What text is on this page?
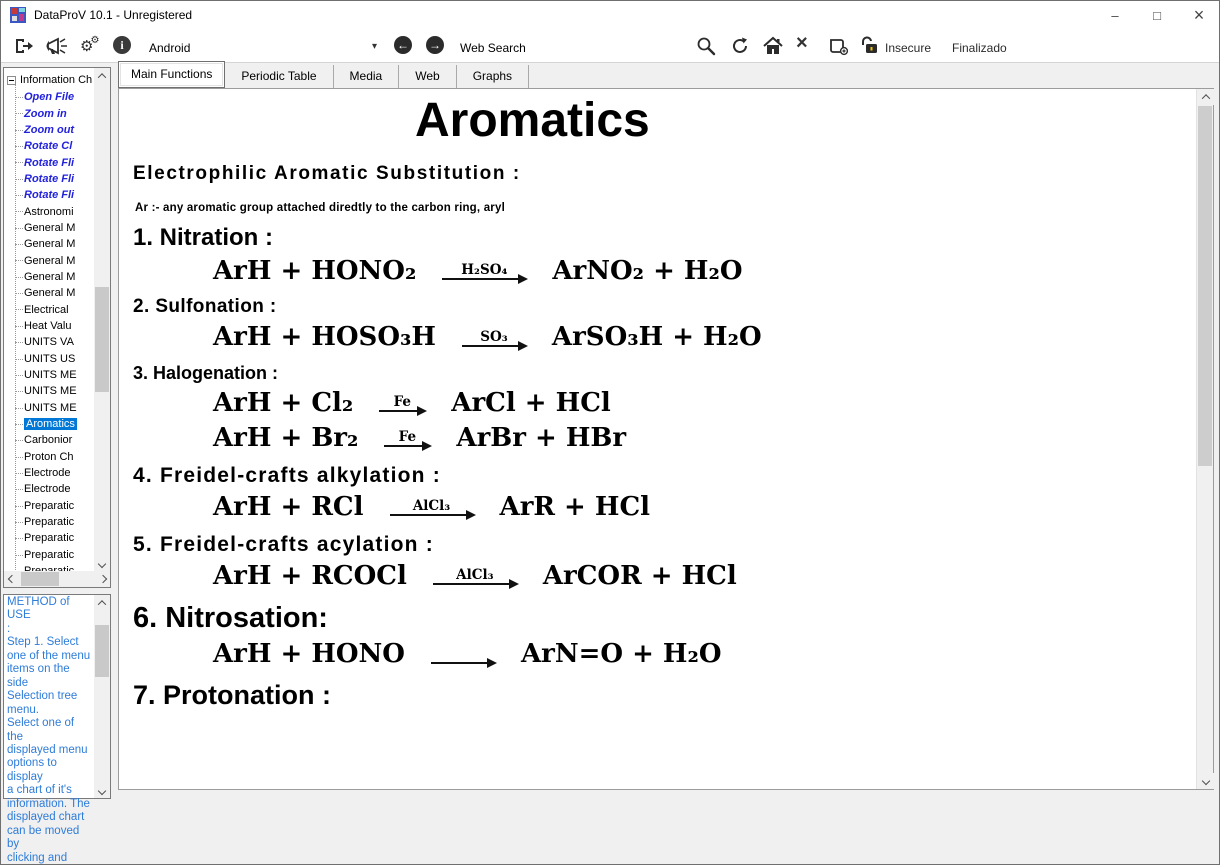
DataProV 10.1 - Unregistered	–	□	×
⚙ ⚙ i Android	▾ ← → Web Search	×	Insecure Finalizado
Information Ch
Open File
Zoom in
Zoom out
Rotate Cl
Rotate Fli
Rotate Fli
Rotate Fli
Astronomi
General M
General M
General M
General M
General M
Electrical
Heat Valu
UNITS VA
UNITS US
UNITS ME
UNITS ME
UNITS ME
Aromatics
Carbonior
Proton Ch
Electrode
Electrode
Preparatic
Preparatic
Preparatic
Preparatic
METHOD of USE
:
Step 1. Select
one of the menu
items on the side
Selection tree
menu.
Select one of the
displayed menu
options to display
a chart of it's
information. The
displayed chart
can be moved by
clicking and
Main Functions	Periodic Table	Media	Web	Graphs
Aromatics
Electrophilic Aromatic Substitution :
Ar :- any aromatic group attached diredtly to the carbon ring, aryl
1. Nitration :
ArH + HONO₂	H₂SO₄ ArNO₂ + H₂O
2. Sulfonation :
ArH + HOSO₃H	SO₃ ArSO₃H + H₂O
3. Halogenation :
ArH + Cl₂	Fe ArCl + HCl
ArH + Br₂	Fe ArBr + HBr
4. Freidel-crafts alkylation :
ArH + RCl	AlCl₃ ArR + HCl
5. Freidel-crafts acylation :
ArH + RCOCl	AlCl₃ ArCOR + HCl
6. Nitrosation:
ArH + HONO	ArN=O + H₂O
7. Protonation :
